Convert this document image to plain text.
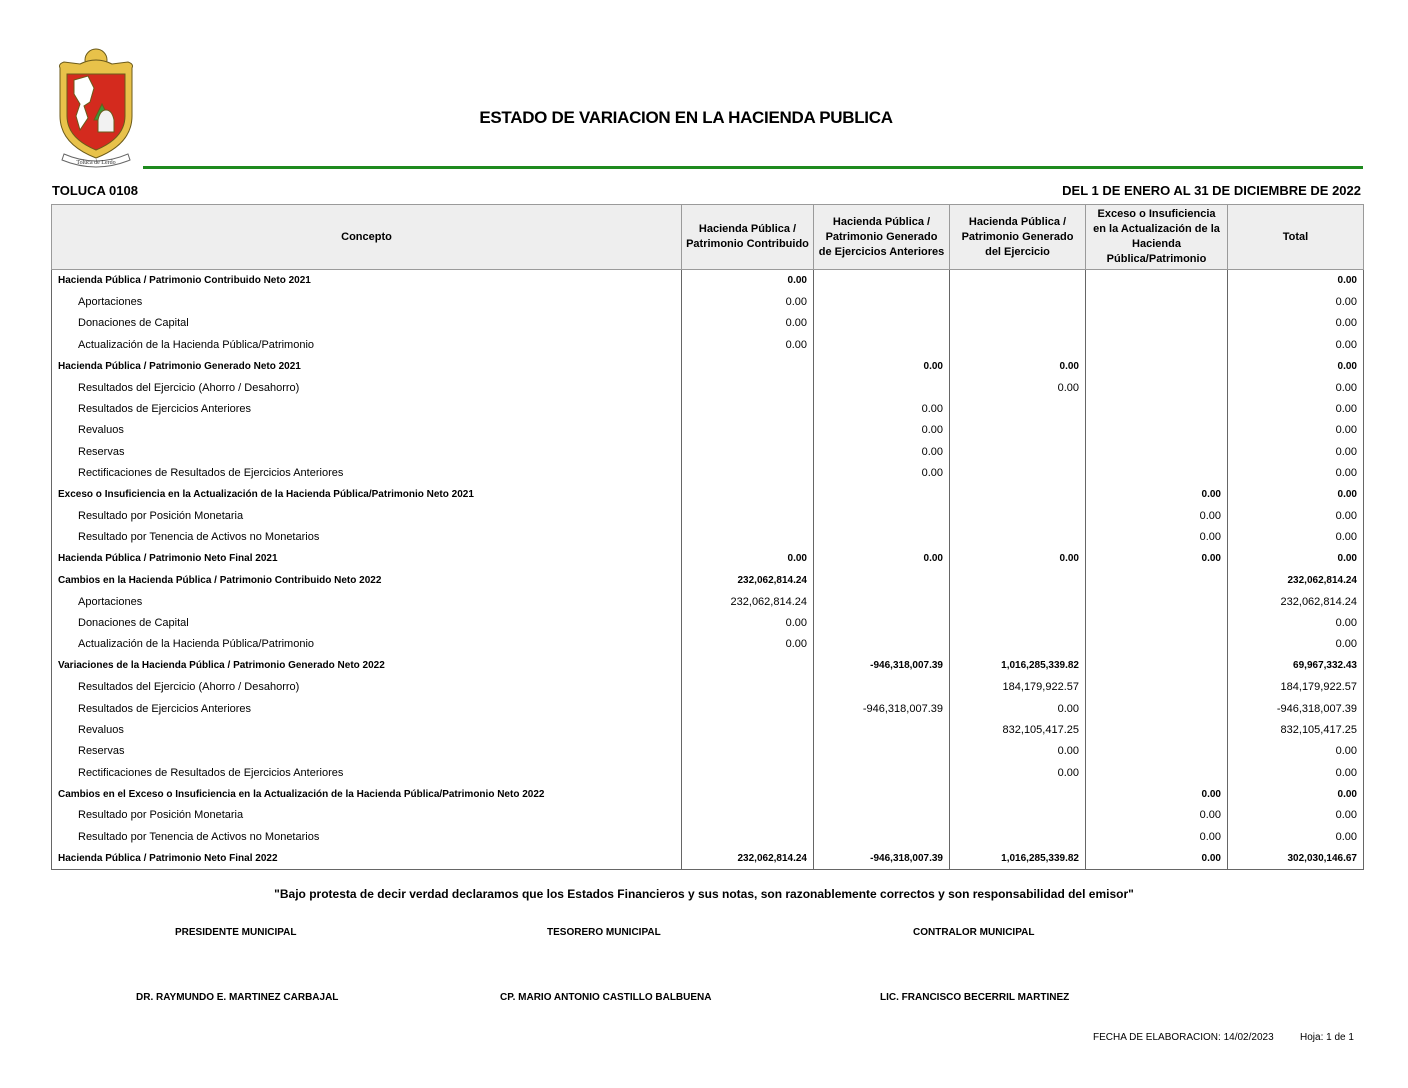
Toluca de Lerdo
ESTADO DE VARIACION EN LA HACIENDA PUBLICA
TOLUCA 0108	DEL 1 DE ENERO AL 31 DE DICIEMBRE DE 2022
Concepto	Hacienda Pública / Patrimonio Contribuido	Hacienda Pública / Patrimonio Generado de Ejercicios Anteriores	Hacienda Pública / Patrimonio Generado del Ejercicio	Exceso o Insuficiencia en la Actualización de la Hacienda Pública/Patrimonio	Total
Hacienda Pública / Patrimonio Contribuido Neto 2021	0.00				0.00
Aportaciones	0.00				0.00
Donaciones de Capital	0.00				0.00
Actualización de la Hacienda Pública/Patrimonio	0.00				0.00
Hacienda Pública / Patrimonio Generado Neto 2021		0.00	0.00		0.00
Resultados del Ejercicio (Ahorro / Desahorro)			0.00		0.00
Resultados de Ejercicios Anteriores		0.00			0.00
Revaluos		0.00			0.00
Reservas		0.00			0.00
Rectificaciones de Resultados de Ejercicios Anteriores		0.00			0.00
Exceso o Insuficiencia en la Actualización de la Hacienda Pública/Patrimonio Neto 2021				0.00	0.00
Resultado por Posición Monetaria				0.00	0.00
Resultado por Tenencia de Activos no Monetarios				0.00	0.00
Hacienda Pública / Patrimonio Neto Final 2021	0.00	0.00	0.00	0.00	0.00
Cambios en la Hacienda Pública / Patrimonio Contribuido Neto 2022	232,062,814.24				232,062,814.24
Aportaciones	232,062,814.24				232,062,814.24
Donaciones de Capital	0.00				0.00
Actualización de la Hacienda Pública/Patrimonio	0.00				0.00
Variaciones de la Hacienda Pública / Patrimonio Generado Neto 2022		-946,318,007.39	1,016,285,339.82		69,967,332.43
Resultados del Ejercicio (Ahorro / Desahorro)			184,179,922.57		184,179,922.57
Resultados de Ejercicios Anteriores		-946,318,007.39	0.00		-946,318,007.39
Revaluos			832,105,417.25		832,105,417.25
Reservas			0.00		0.00
Rectificaciones de Resultados de Ejercicios Anteriores			0.00		0.00
Cambios en el Exceso o Insuficiencia en la Actualización de la Hacienda Pública/Patrimonio Neto 2022				0.00	0.00
Resultado por Posición Monetaria				0.00	0.00
Resultado por Tenencia de Activos no Monetarios				0.00	0.00
Hacienda Pública / Patrimonio Neto Final 2022	232,062,814.24	-946,318,007.39	1,016,285,339.82	0.00	302,030,146.67
"Bajo protesta de decir verdad declaramos que los Estados Financieros y sus notas, son razonablemente correctos y son responsabilidad del emisor"
PRESIDENTE MUNICIPAL	TESORERO MUNICIPAL	CONTRALOR MUNICIPAL
DR. RAYMUNDO E. MARTINEZ CARBAJAL	CP. MARIO ANTONIO CASTILLO BALBUENA	LIC. FRANCISCO BECERRIL MARTINEZ
FECHA DE ELABORACION: 14/02/2023	Hoja: 1 de 1
